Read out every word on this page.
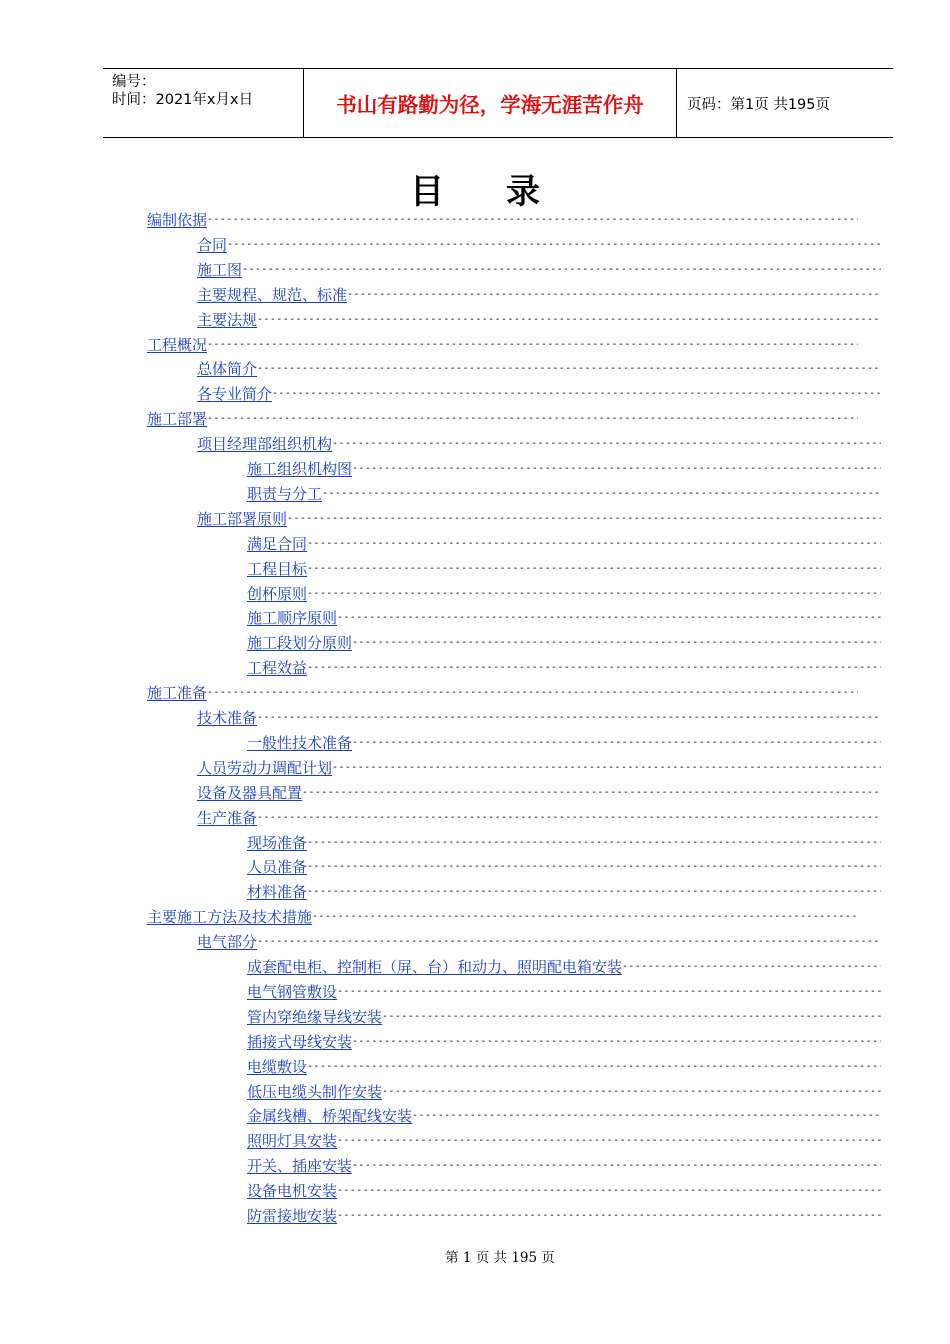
编号：
时间：2021年x月x日	书山有路勤为径，学海无涯苦作舟	页码：第1页 共195页
目录
编制依据
-----
合同
-----
施工图
-----
主要规程、规范、标准
-----
主要法规
-----
工程概况
-----
总体简介
-----
各专业简介
-----
施工部署
-----
项目经理部组织机构
-----
施工组织机构图
-----
职责与分工
-----
施工部署原则
-----
满足合同
-----
工程目标
-----
创杯原则
-----
施工顺序原则
-----
施工段划分原则
-----
工程效益
-----
施工准备
-----
技术准备
-----
一般性技术准备
-----
人员劳动力调配计划
-----
设备及器具配置
-----
生产准备
-----
现场准备
-----
人员准备
-----
材料准备
-----
主要施工方法及技术措施
-----
电气部分
-----
成套配电柜、控制柜（屏、台）和动力、照明配电箱安装
-----
电气钢管敷设
-----
管内穿绝缘导线安装
-----
插接式母线安装
-----
电缆敷设
-----
低压电缆头制作安装
-----
金属线槽、桥架配线安装
-----
照明灯具安装
-----
开关、插座安装
-----
设备电机安装
-----
防雷接地安装
-----
第 1 页 共 195 页
